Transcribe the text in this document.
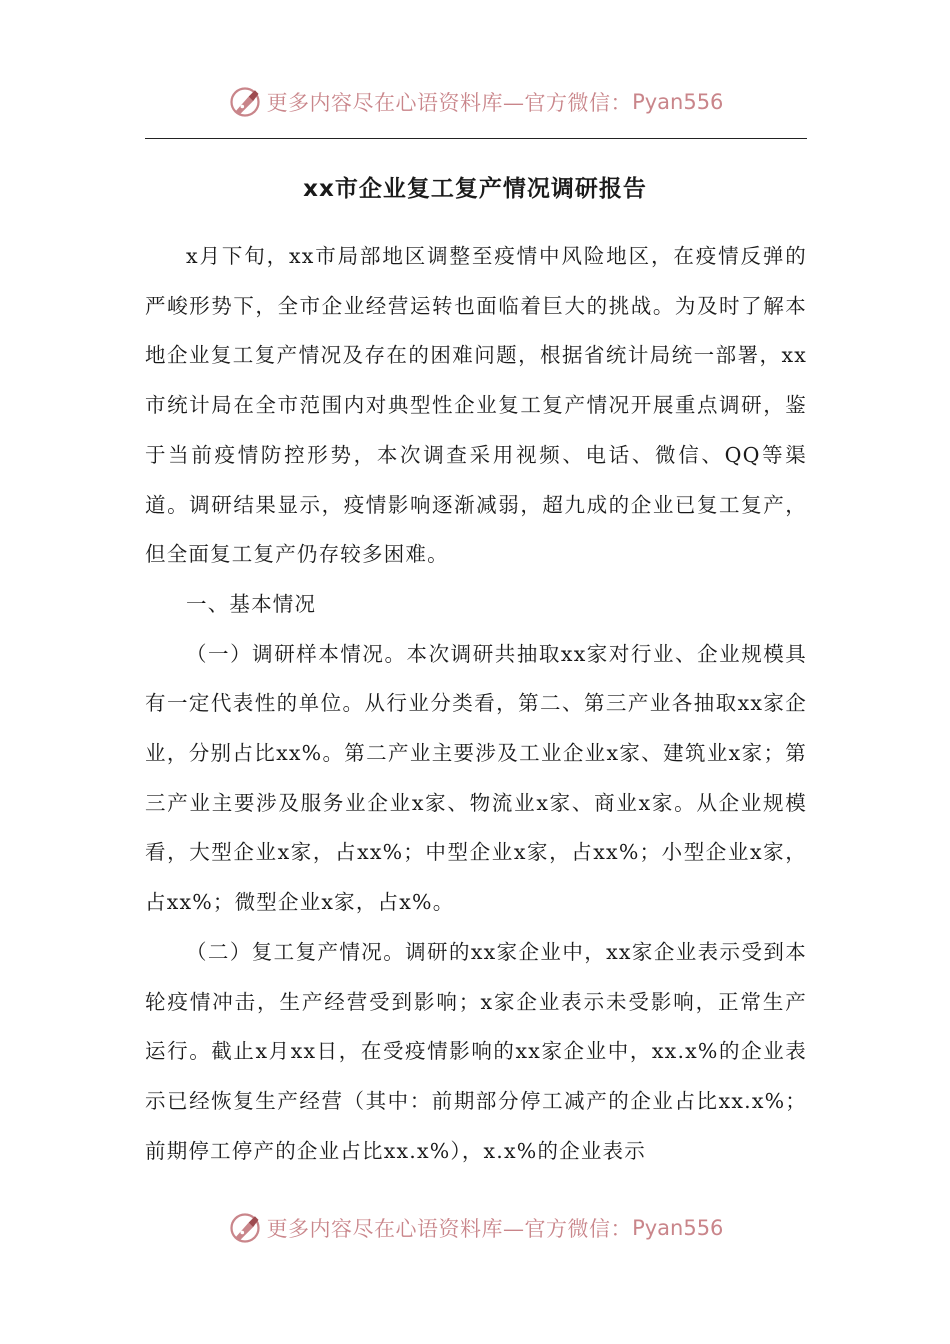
更多内容尽在心语资料库—官方微信： Pyan556
xx市企业复工复产情况调研报告

x月下旬，xx市局部地区调整至疫情中风险地区，在疫情反弹的严峻形势下，全市企业经营运转也面临着巨大的挑战。为及时了解本地企业复工复产情况及存在的困难问题，根据省统计局统一部署，xx市统计局在全市范围内对典型性企业复工复产情况开展重点调研，鉴于当前疫情防控形势，本次调查采用视频、电话、微信、QQ等渠道。调研结果显示，疫情影响逐渐减弱，超九成的企业已复工复产，但全面复工复产仍存较多困难。

一、基本情况

（一）调研样本情况。本次调研共抽取xx家对行业、企业规模具有一定代表性的单位。从行业分类看，第二、第三产业各抽取xx家企业，分别占比xx%。第二产业主要涉及工业企业x家、建筑业x家；第三产业主要涉及服务业企业x家、物流业x家、商业x家。从企业规模看，大型企业x家，占xx%；中型企业x家，占xx%；小型企业x家，占xx%；微型企业x家，占x%。

（二）复工复产情况。调研的xx家企业中，xx家企业表示受到本轮疫情冲击，生产经营受到影响；x家企业表示未受影响，正常生产运行。截止x月xx日，在受疫情影响的xx家企业中，xx.x%的企业表示已经恢复生产经营（其中：前期部分停工减产的企业占比xx.x%；前期停工停产的企业占比xx.x%），x.x%的企业表示

更多内容尽在心语资料库—官方微信： Pyan556
